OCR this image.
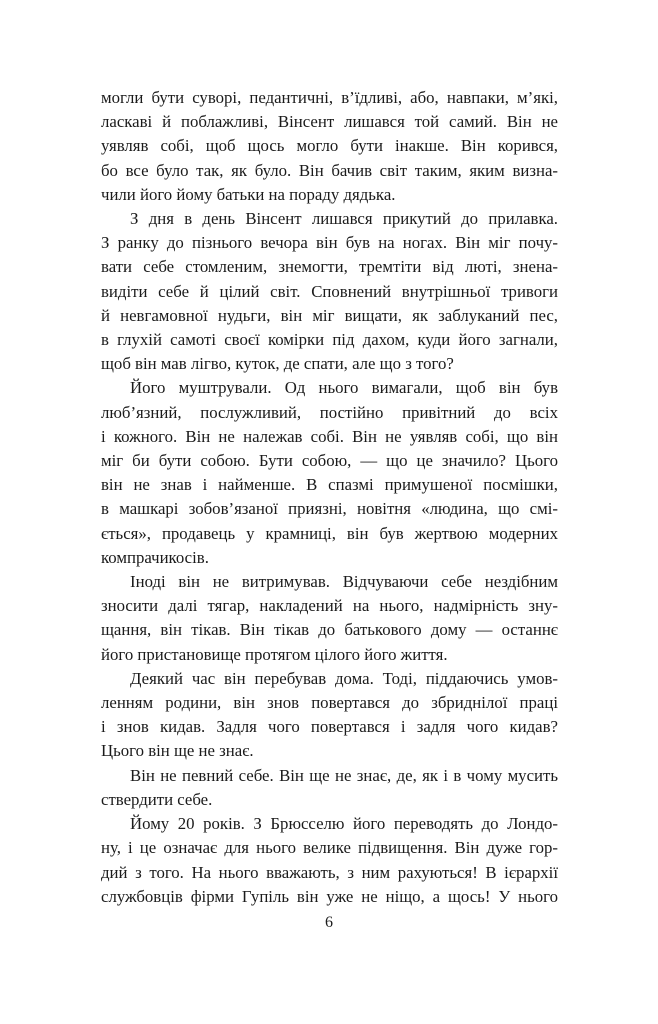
могли бути суворі, педантичні, в’їдливі, або, навпаки, м’які,
ласкаві й поблажливі, Вінсент лишався той самий. Він не
уявляв собі, щоб щось могло бути інакше. Він корився,
бо все було так, як було. Він бачив світ таким, яким визна-
чили його йому батьки на пораду дядька.
З дня в день Вінсент лишався прикутий до прилавка.
З ранку до пізнього вечора він був на ногах. Він міг почу-
вати себе стомленим, знемогти, тремтіти від люті, знена-
видіти себе й цілий світ. Сповнений внутрішньої тривоги
й невгамовної нудьги, він міг вищати, як заблуканий пес,
в глухій самоті своєї комірки під дахом, куди його загнали,
щоб він мав лігво, куток, де спати, але що з того?
Його муштрували. Од нього вимагали, щоб він був
люб’язний, послужливий, постійно привітний до всіх
і кожного. Він не належав собі. Він не уявляв собі, що він
міг би бути собою. Бути собою, — що це значило? Цього
він не знав і найменше. В спазмі примушеної посмішки,
в машкарі зобов’язаної приязні, новітня «людина, що смі-
ється», продавець у крамниці, він був жертвою модерних
компрачикосів.
Іноді він не витримував. Відчуваючи себе нездібним
зносити далі тягар, накладений на нього, надмірність зну-
щання, він тікав. Він тікав до батькового дому — останнє
його пристановище протягом цілого його життя.
Деякий час він перебував дома. Тоді, піддаючись умов-
ленням родини, він знов повертався до збриднілої праці
і знов кидав. Задля чого повертався і задля чого кидав?
Цього він ще не знає.
Він не певний себе. Він ще не знає, де, як і в чому мусить
ствердити себе.
Йому 20 років. З Брюсселю його переводять до Лондо-
ну, і це означає для нього велике підвищення. Він дуже гор-
дий з того. На нього вважають, з ним рахуються! В ієрархії
службовців фірми Гупіль він уже не ніщо, а щось! У нього
6
